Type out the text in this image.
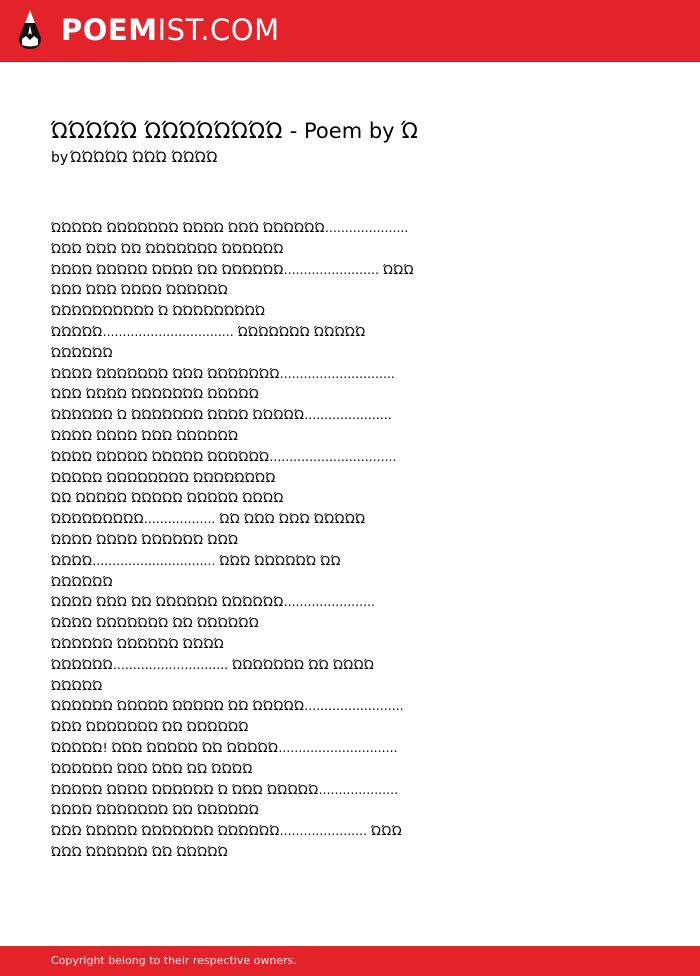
POEMIST.COM
ΏΏΏΏΏ ΏΏΏΏΏΏΏΏ - Poem by Ώ
by ΏΏΏΏΏ ΏΏΏ ΏΏΏΏ
ΏΏΏΏΏ ΏΏΏΏΏΏΏ ΏΏΏΏ ΏΏΏ ΏΏΏΏΏΏ.....................
ΏΏΏ ΏΏΏ ΏΏ ΏΏΏΏΏΏΏ ΏΏΏΏΏΏ
ΏΏΏΏ ΏΏΏΏΏ ΏΏΏΏ ΏΏ ΏΏΏΏΏΏ........................ ΏΏΏ
ΏΏΏ ΏΏΏ ΏΏΏΏ ΏΏΏΏΏΏ
ΏΏΏΏΏΏΏΏΏΏ Ώ ΏΏΏΏΏΏΏΏΏ
ΏΏΏΏΏ................................. ΏΏΏΏΏΏΏ ΏΏΏΏΏ
ΏΏΏΏΏΏ
ΏΏΏΏ ΏΏΏΏΏΏΏ ΏΏΏ ΏΏΏΏΏΏΏ.............................
ΏΏΏ ΏΏΏΏ ΏΏΏΏΏΏΏ ΏΏΏΏΏ
ΏΏΏΏΏΏ Ώ ΏΏΏΏΏΏΏ ΏΏΏΏ ΏΏΏΏΏ......................
ΏΏΏΏ ΏΏΏΏ ΏΏΏ ΏΏΏΏΏΏ
ΏΏΏΏ ΏΏΏΏΏ ΏΏΏΏΏ ΏΏΏΏΏΏ................................
ΏΏΏΏΏ ΏΏΏΏΏΏΏΏ ΏΏΏΏΏΏΏΏ
ΏΏ ΏΏΏΏΏ ΏΏΏΏΏ ΏΏΏΏΏ ΏΏΏΏ
ΏΏΏΏΏΏΏΏΏ.................. ΏΏ ΏΏΏ ΏΏΏ ΏΏΏΏΏ
ΏΏΏΏ ΏΏΏΏ ΏΏΏΏΏΏ ΏΏΏ
ΏΏΏΏ............................... ΏΏΏ ΏΏΏΏΏΏ ΏΏ
ΏΏΏΏΏΏ
ΏΏΏΏ ΏΏΏ ΏΏ ΏΏΏΏΏΏ ΏΏΏΏΏΏ.......................
ΏΏΏΏ ΏΏΏΏΏΏΏ ΏΏ ΏΏΏΏΏΏ
ΏΏΏΏΏΏ ΏΏΏΏΏΏ ΏΏΏΏ
ΏΏΏΏΏΏ............................. ΏΏΏΏΏΏΏ ΏΏ ΏΏΏΏ
ΏΏΏΏΏ
ΏΏΏΏΏΏ ΏΏΏΏΏ ΏΏΏΏΏ ΏΏ ΏΏΏΏΏ.........................
ΏΏΏ ΏΏΏΏΏΏΏ ΏΏ ΏΏΏΏΏΏ
ΏΏΏΏΏ! ΏΏΏ ΏΏΏΏΏ ΏΏ ΏΏΏΏΏ..............................
ΏΏΏΏΏΏ ΏΏΏ ΏΏΏ ΏΏ ΏΏΏΏ
ΏΏΏΏΏ ΏΏΏΏ ΏΏΏΏΏΏ Ώ ΏΏΏ ΏΏΏΏΏ....................
ΏΏΏΏ ΏΏΏΏΏΏΏ ΏΏ ΏΏΏΏΏΏ
ΏΏΏ ΏΏΏΏΏ ΏΏΏΏΏΏΏ ΏΏΏΏΏΏ...................... ΏΏΏ
ΏΏΏ ΏΏΏΏΏΏ ΏΏ ΏΏΏΏΏ
Copyright belong to their respective owners.
